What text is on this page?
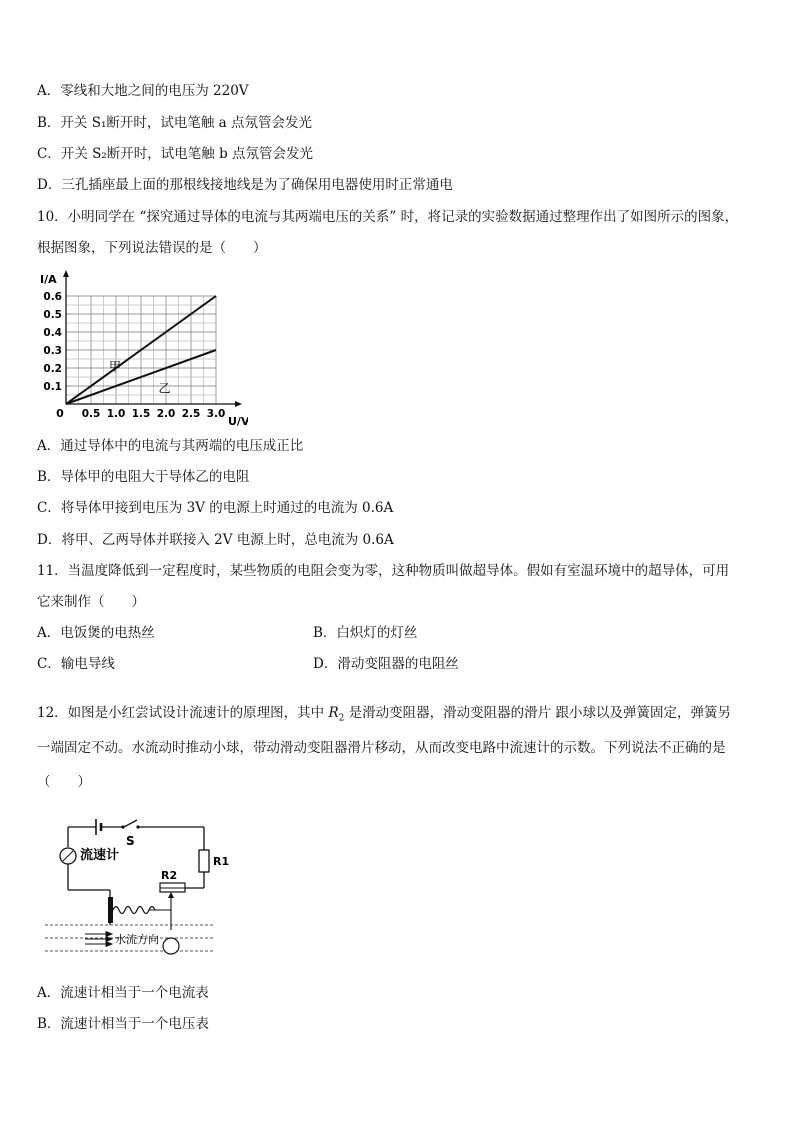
A．零线和大地之间的电压为 220V
B．开关 S₁断开时，试电笔触 a 点氖管会发光
C．开关 S₂断开时，试电笔触 b 点氖管会发光
D．三孔插座最上面的那根线接地线是为了确保用电器使用时正常通电
10．小明同学在 “探究通过导体的电流与其两端电压的关系” 时，将记录的实验数据通过整理作出了如图所示的图象，
根据图象，下列说法错误的是（　　）
I/A
U/V
甲
乙
0 0.5 1.0 1.5 2.0 2.5 3.0
0.1
0.2
0.3
0.4
0.5
0.6
A．通过导体中的电流与其两端的电压成正比
B．导体甲的电阻大于导体乙的电阻
C．将导体甲接到电压为 3V 的电源上时通过的电流为 0.6A
D．将甲、乙两导体并联接入 2V 电源上时，总电流为 0.6A
11．当温度降低到一定程度时，某些物质的电阻会变为零，这种物质叫做超导体。假如有室温环境中的超导体，可用
它来制作（　　）
A．电饭煲的电热丝	B．白炽灯的灯丝
C．输电导线	D．滑动变阻器的电阻丝
12．如图是小红尝试设计流速计的原理图，其中 $R_2$ 是滑动变阻器，滑动变阻器的滑片 跟小球以及弹簧固定，弹簧另
一端固定不动。水流动时推动小球，带动滑动变阻器滑片移动，从而改变电路中流速计的示数。下列说法不正确的是
（　　）
S
R1
R2
流速计
水流方向
A．流速计相当于一个电流表
B．流速计相当于一个电压表
